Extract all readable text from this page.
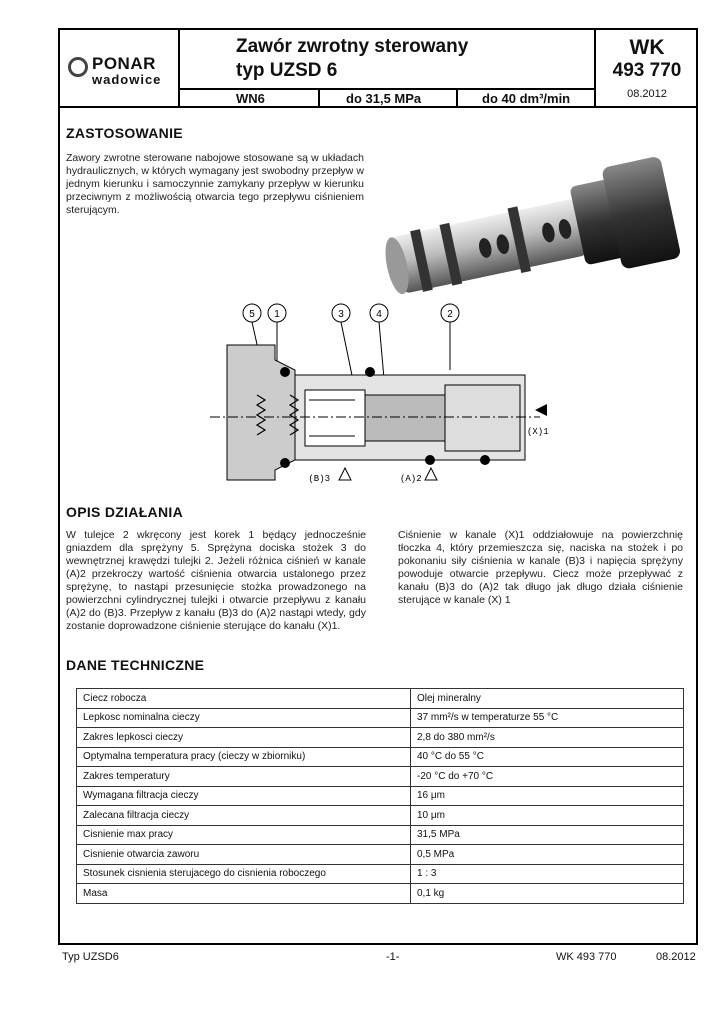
PONAR
wadowice
Zawór zwrotny sterowany
typ UZSD 6
WN6	do 31,5 MPa	do 40 dm³/min
WK
493 770
08.2012
ZASTOSOWANIE
Zawory zwrotne sterowane nabojowe stosowane są w układach hydraulicznych, w których wymagany jest swobodny przepływ w jednym kierunku i samoczynnie zamykany przepływ w kierunku przeciwnym z możliwością otwarcia tego przepływu ciśnieniem sterującym.
5 1	3	4	2
(X)1
(B)3	(A)2
OPIS DZIAŁANIA
W tulejce 2 wkręcony jest korek 1 będący jednocześnie gniazdem dla sprężyny 5. Sprężyna dociska stożek 3 do wewnętrznej krawędzi tulejki 2. Jeżeli różnica ciśnień w kanale (A)2 przekroczy wartość ciśnienia otwarcia ustalonego przez sprężynę, to nastąpi przesunięcie stożka prowadzonego na powierzchni cylindrycznej tulejki i otwarcie przepływu z kanału (A)2 do (B)3. Przepływ z kanału (B)3 do (A)2 nastąpi wtedy, gdy zostanie doprowadzone ciśnienie sterujące do kanału (X)1.
Ciśnienie w kanale (X)1 oddziałowuje na powierzchnię tłoczka 4, który przemieszcza się, naciska na stożek i po pokonaniu siły ciśnienia w kanale (B)3 i napięcia sprężyny powoduje otwarcie przepływu. Ciecz może przepływać z kanału (B)3 do (A)2 tak długo jak długo działa ciśnienie sterujące w kanale (X) 1
DANE TECHNICZNE
Ciecz robocza	Olej mineralny
Lepkosc nominalna cieczy	37 mm²/s w temperaturze 55 °C
Zakres lepkosci cieczy	2,8 do 380 mm²/s
Optymalna temperatura pracy (cieczy w zbiorniku)	40 °C do 55 °C
Zakres temperatury	-20 °C do +70 °C
Wymagana filtracja cieczy	16 μm
Zalecana filtracja cieczy	10 μm
Cisnienie max pracy	31,5 MPa
Cisnienie otwarcia zaworu	0,5 MPa
Stosunek cisnienia sterujacego do cisnienia roboczego	1 : 3
Masa	0,1 kg
Typ UZSD6	-1-	WK 493 770	08.2012
